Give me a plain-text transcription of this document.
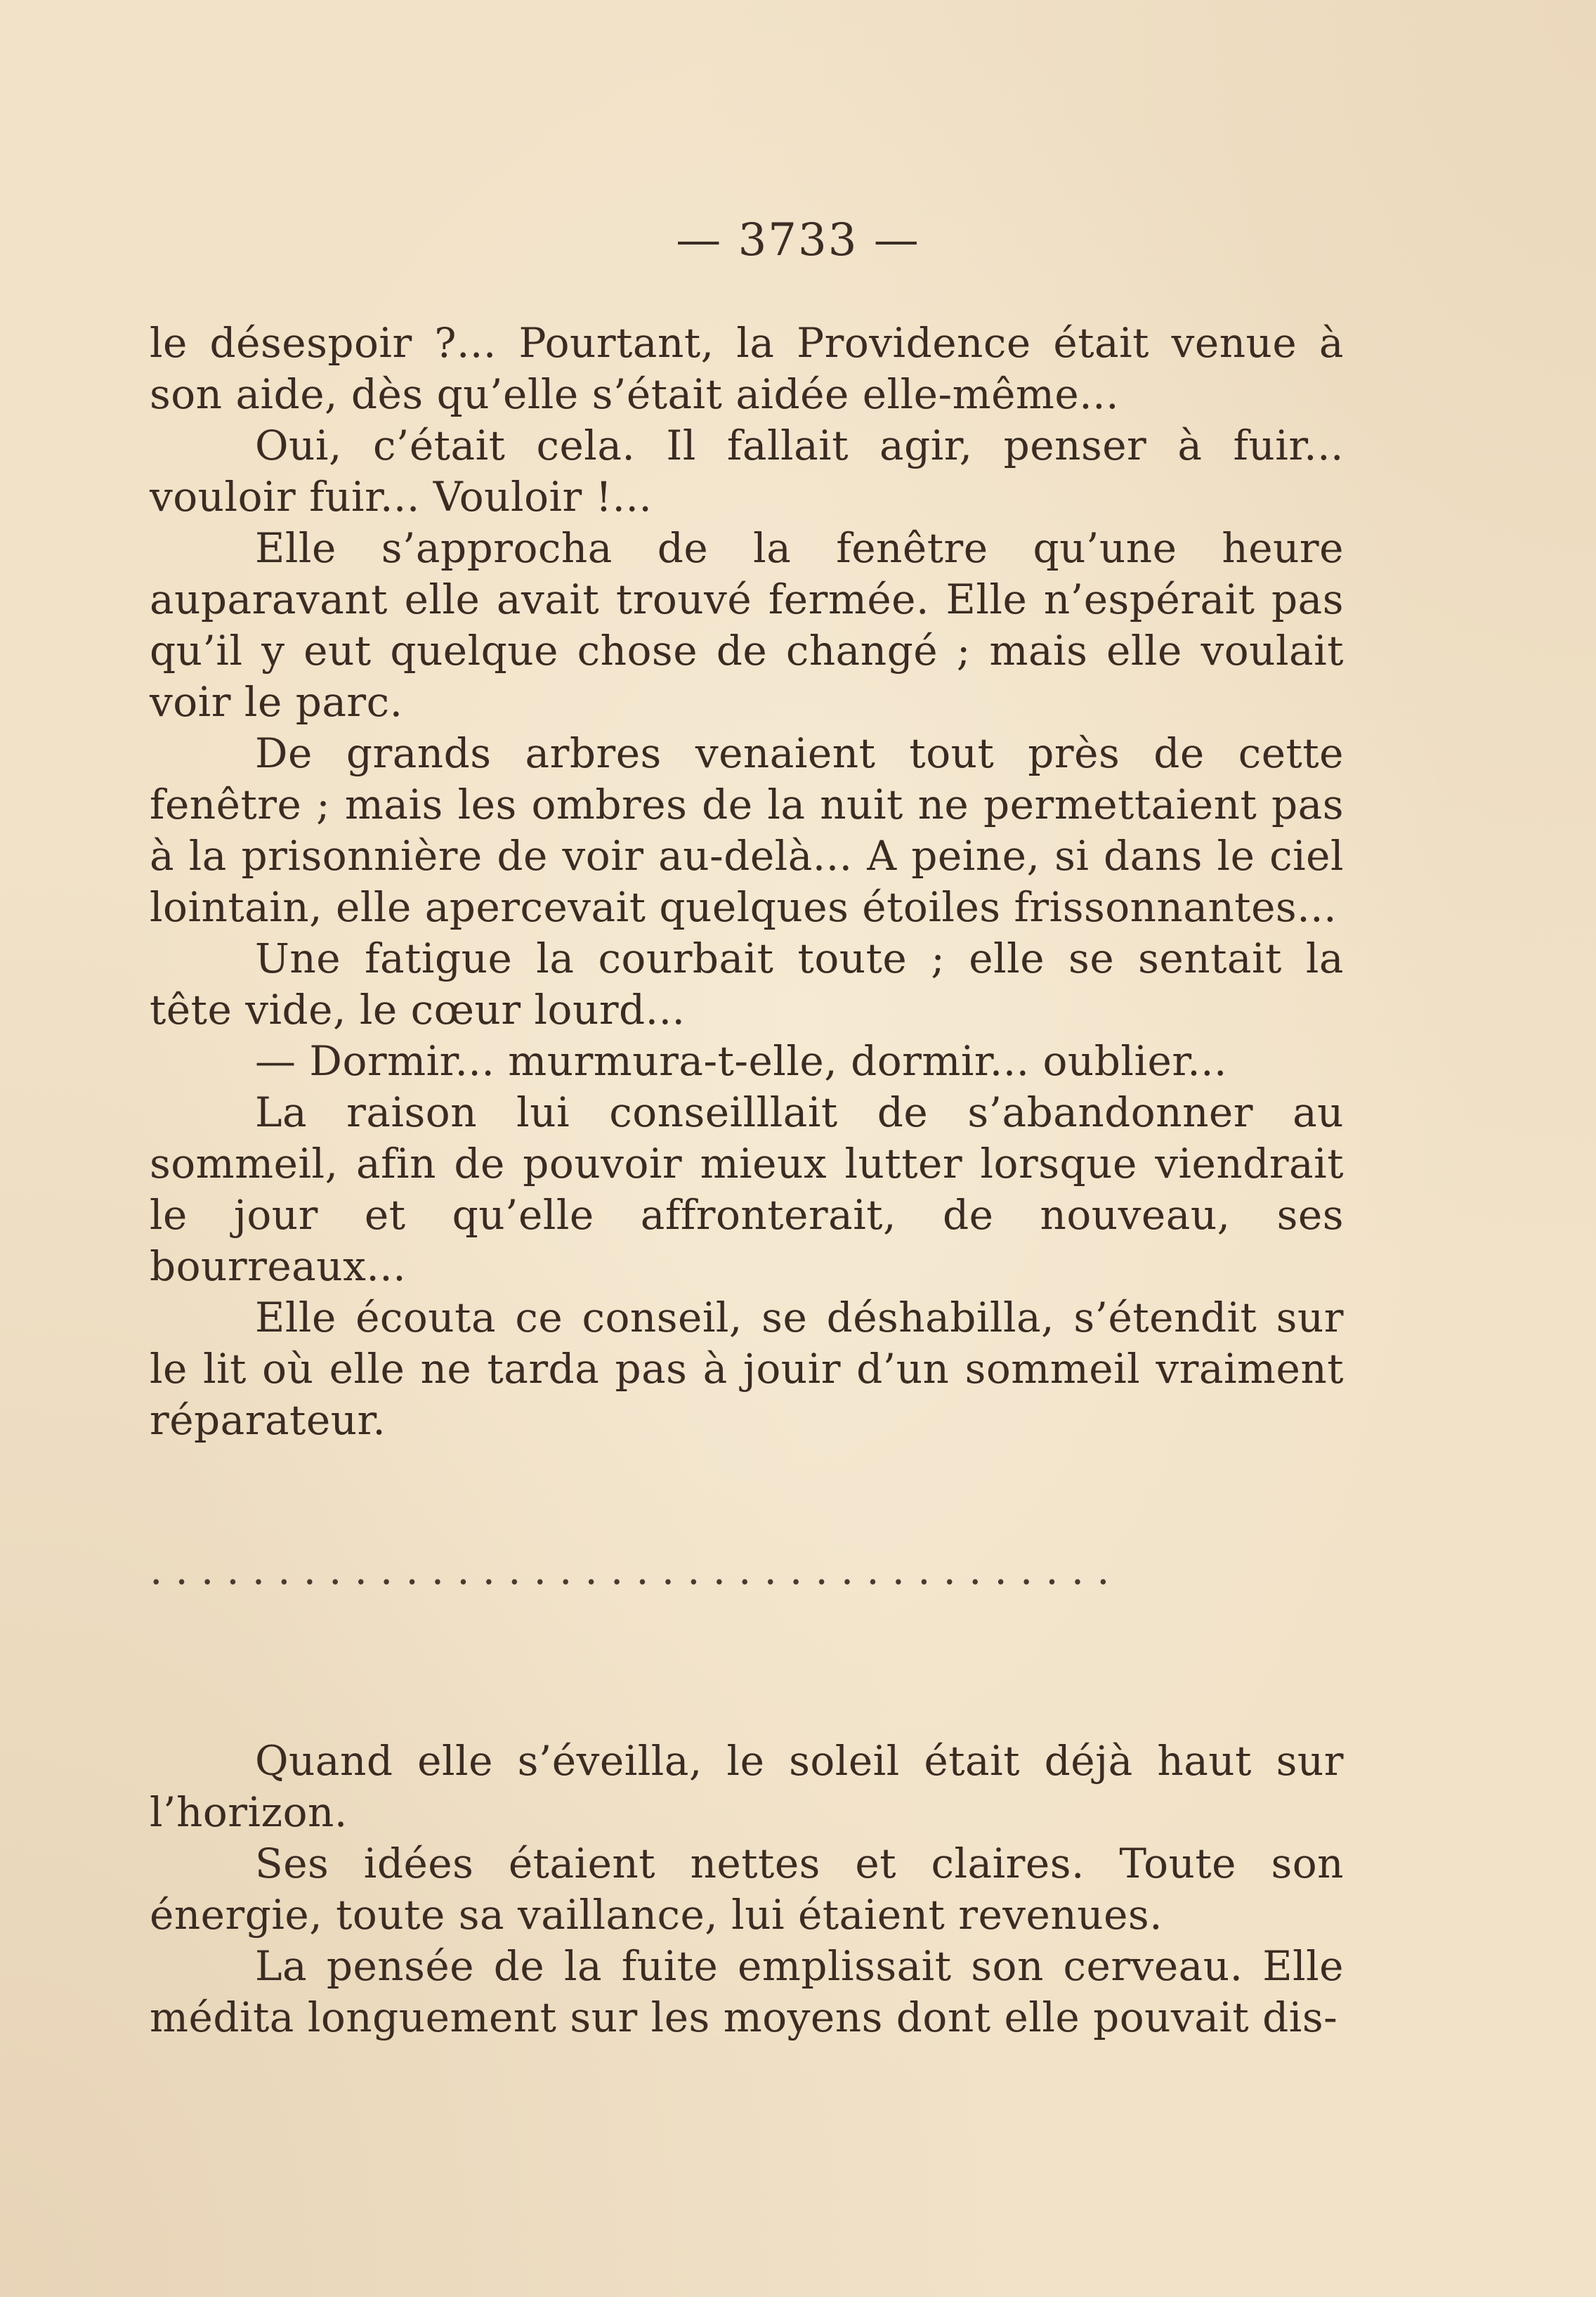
— 3733 —

le désespoir ?... Pourtant, la Providence était venue à son aide, dès qu’elle s’était aidée elle-même...

Oui, c’était cela. Il fallait agir, penser à fuir... vouloir fuir... Vouloir !...

Elle s’approcha de la fenêtre qu’une heure auparavant elle avait trouvé fermée. Elle n’espérait pas qu’il y eut quelque chose de changé ; mais elle voulait voir le parc.

De grands arbres venaient tout près de cette fenêtre ; mais les ombres de la nuit ne permettaient pas à la prisonnière de voir au-delà... A peine, si dans le ciel lointain, elle apercevait quelques étoiles frissonnantes...

Une fatigue la courbait toute ; elle se sentait la tête vide, le cœur lourd...

— Dormir... murmura-t-elle, dormir... oublier...

La raison lui conseilllait de s’abandonner au sommeil, afin de pouvoir mieux lutter lorsque viendrait le jour et qu’elle affronterait, de nouveau, ses bourreaux...

Elle écouta ce conseil, se déshabilla, s’étendit sur le lit où elle ne tarda pas à jouir d’un sommeil vraiment réparateur.

......................................

Quand elle s’éveilla, le soleil était déjà haut sur l’horizon.

Ses idées étaient nettes et claires. Toute son énergie, toute sa vaillance, lui étaient revenues.

La pensée de la fuite emplissait son cerveau. Elle médita longuement sur les moyens dont elle pouvait dis-
